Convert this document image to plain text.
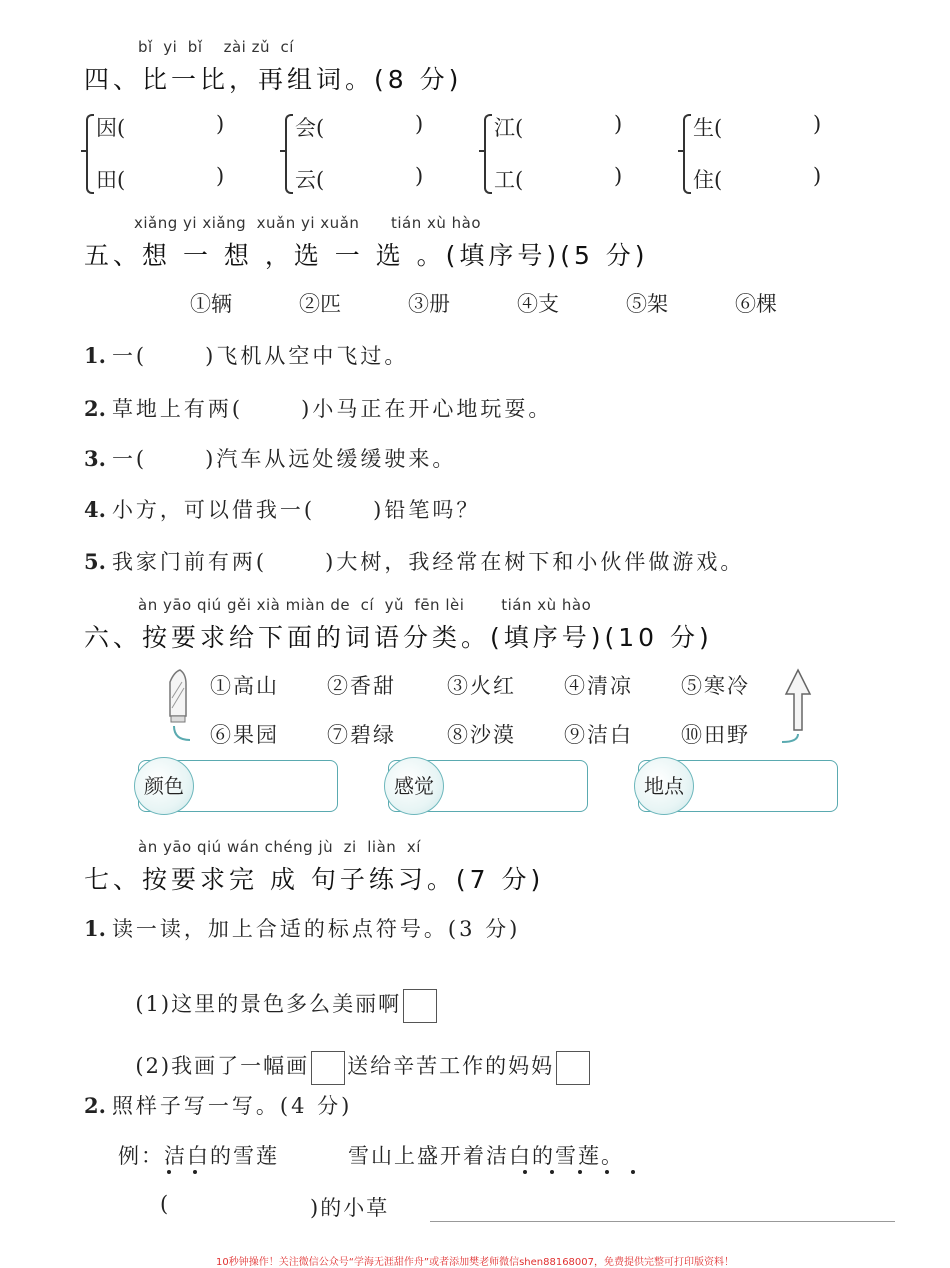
bǐ  yi  bǐ    zài zǔ  cí
四、比一比，再组词。(8 分)
因(	)
田(	)
会(	)
云(	)
江(	)
工(	)
生(	)
住(	)
xiǎng yi xiǎng  xuǎn yi xuǎn      tián xù hào
五、想 一 想 ，选 一 选 。(填序号)(5 分)
①辆	②匹	③册	④支	⑤架	⑥棵
1. 一(      )飞机从空中飞过。
2. 草地上有两(      )小马正在开心地玩耍。
3. 一(      )汽车从远处缓缓驶来。
4. 小方，可以借我一(      )铅笔吗？
5. 我家门前有两(      )大树，我经常在树下和小伙伴做游戏。
àn yāo qiú gěi xià miàn de  cí  yǔ  fēn lèi       tián xù hào
六、按要求给下面的词语分类。(填序号)(10 分)
①高山 ②香甜 ③火红 ④清凉 ⑤寒冷
⑥果园 ⑦碧绿 ⑧沙漠 ⑨洁白 ⑩田野
颜色	感觉	地点
àn yāo qiú wán chéng jù  zi  liàn  xí
七、按要求完 成 句子练习。(7 分)
1. 读一读，加上合适的标点符号。(3 分)

(1)这里的景色多么美丽啊

(2)我画了一幅画 送给辛苦工作的妈妈

2. 照样子写一写。(4 分)
例：洁白的雪莲	雪山上盛开着洁白的雪莲。
(	)的小草
10秒钟操作！关注微信公众号“学海无涯甜作舟”或者添加樊老师微信shen88168007，免费提供完整可打印版资料！
